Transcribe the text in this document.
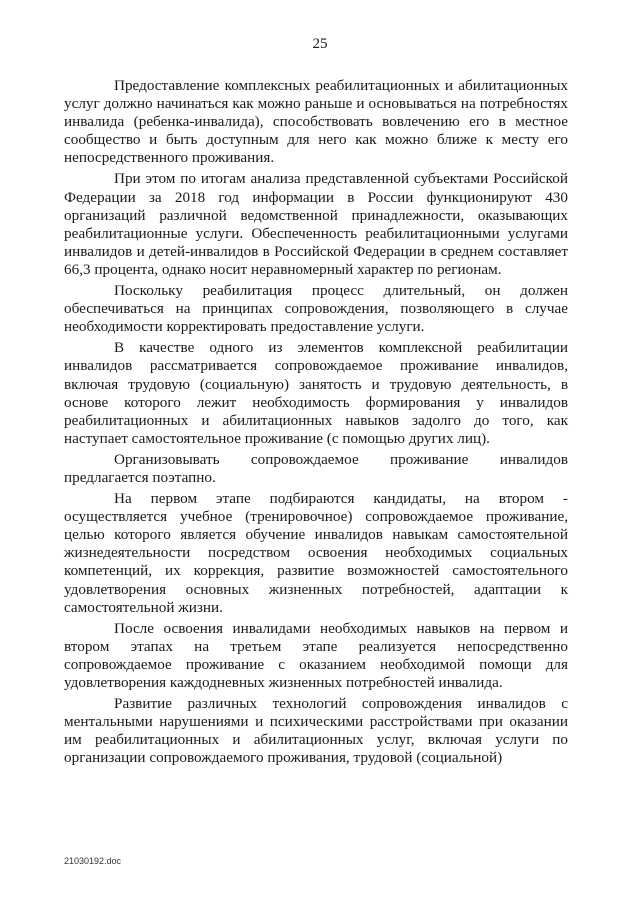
25

Предоставление комплексных реабилитационных и абилитационных услуг должно начинаться как можно раньше и основываться на потребностях инвалида (ребенка-инвалида), способствовать вовлечению его в местное сообщество и быть доступным для него как можно ближе к месту его непосредственного проживания.

При этом по итогам анализа представленной субъектами Российской Федерации за 2018 год информации в России функционируют 430 организаций различной ведомственной принадлежности, оказывающих реабилитационные услуги. Обеспеченность реабилитационными услугами инвалидов и детей-инвалидов в Российской Федерации в среднем составляет 66,3 процента, однако носит неравномерный характер по регионам.

Поскольку реабилитация процесс длительный, он должен обеспечиваться на принципах сопровождения, позволяющего в случае необходимости корректировать предоставление услуги.

В качестве одного из элементов комплексной реабилитации инвалидов рассматривается сопровождаемое проживание инвалидов, включая трудовую (социальную) занятость и трудовую деятельность, в основе которого лежит необходимость формирования у инвалидов реабилитационных и абилитационных навыков задолго до того, как наступает самостоятельное проживание (с помощью других лиц).

Организовывать сопровождаемое проживание инвалидов предлагается поэтапно.

На первом этапе подбираются кандидаты, на втором - осуществляется учебное (тренировочное) сопровождаемое проживание, целью которого является обучение инвалидов навыкам самостоятельной жизнедеятельности посредством освоения необходимых социальных компетенций, их коррекция, развитие возможностей самостоятельного удовлетворения основных жизненных потребностей, адаптации к самостоятельной жизни.

После освоения инвалидами необходимых навыков на первом и втором этапах на третьем этапе реализуется непосредственно сопровождаемое проживание с оказанием необходимой помощи для удовлетворения каждодневных жизненных потребностей инвалида.

Развитие различных технологий сопровождения инвалидов с ментальными нарушениями и психическими расстройствами при оказании им реабилитационных и абилитационных услуг, включая услуги по организации сопровождаемого проживания, трудовой (социальной)

21030192.doc
